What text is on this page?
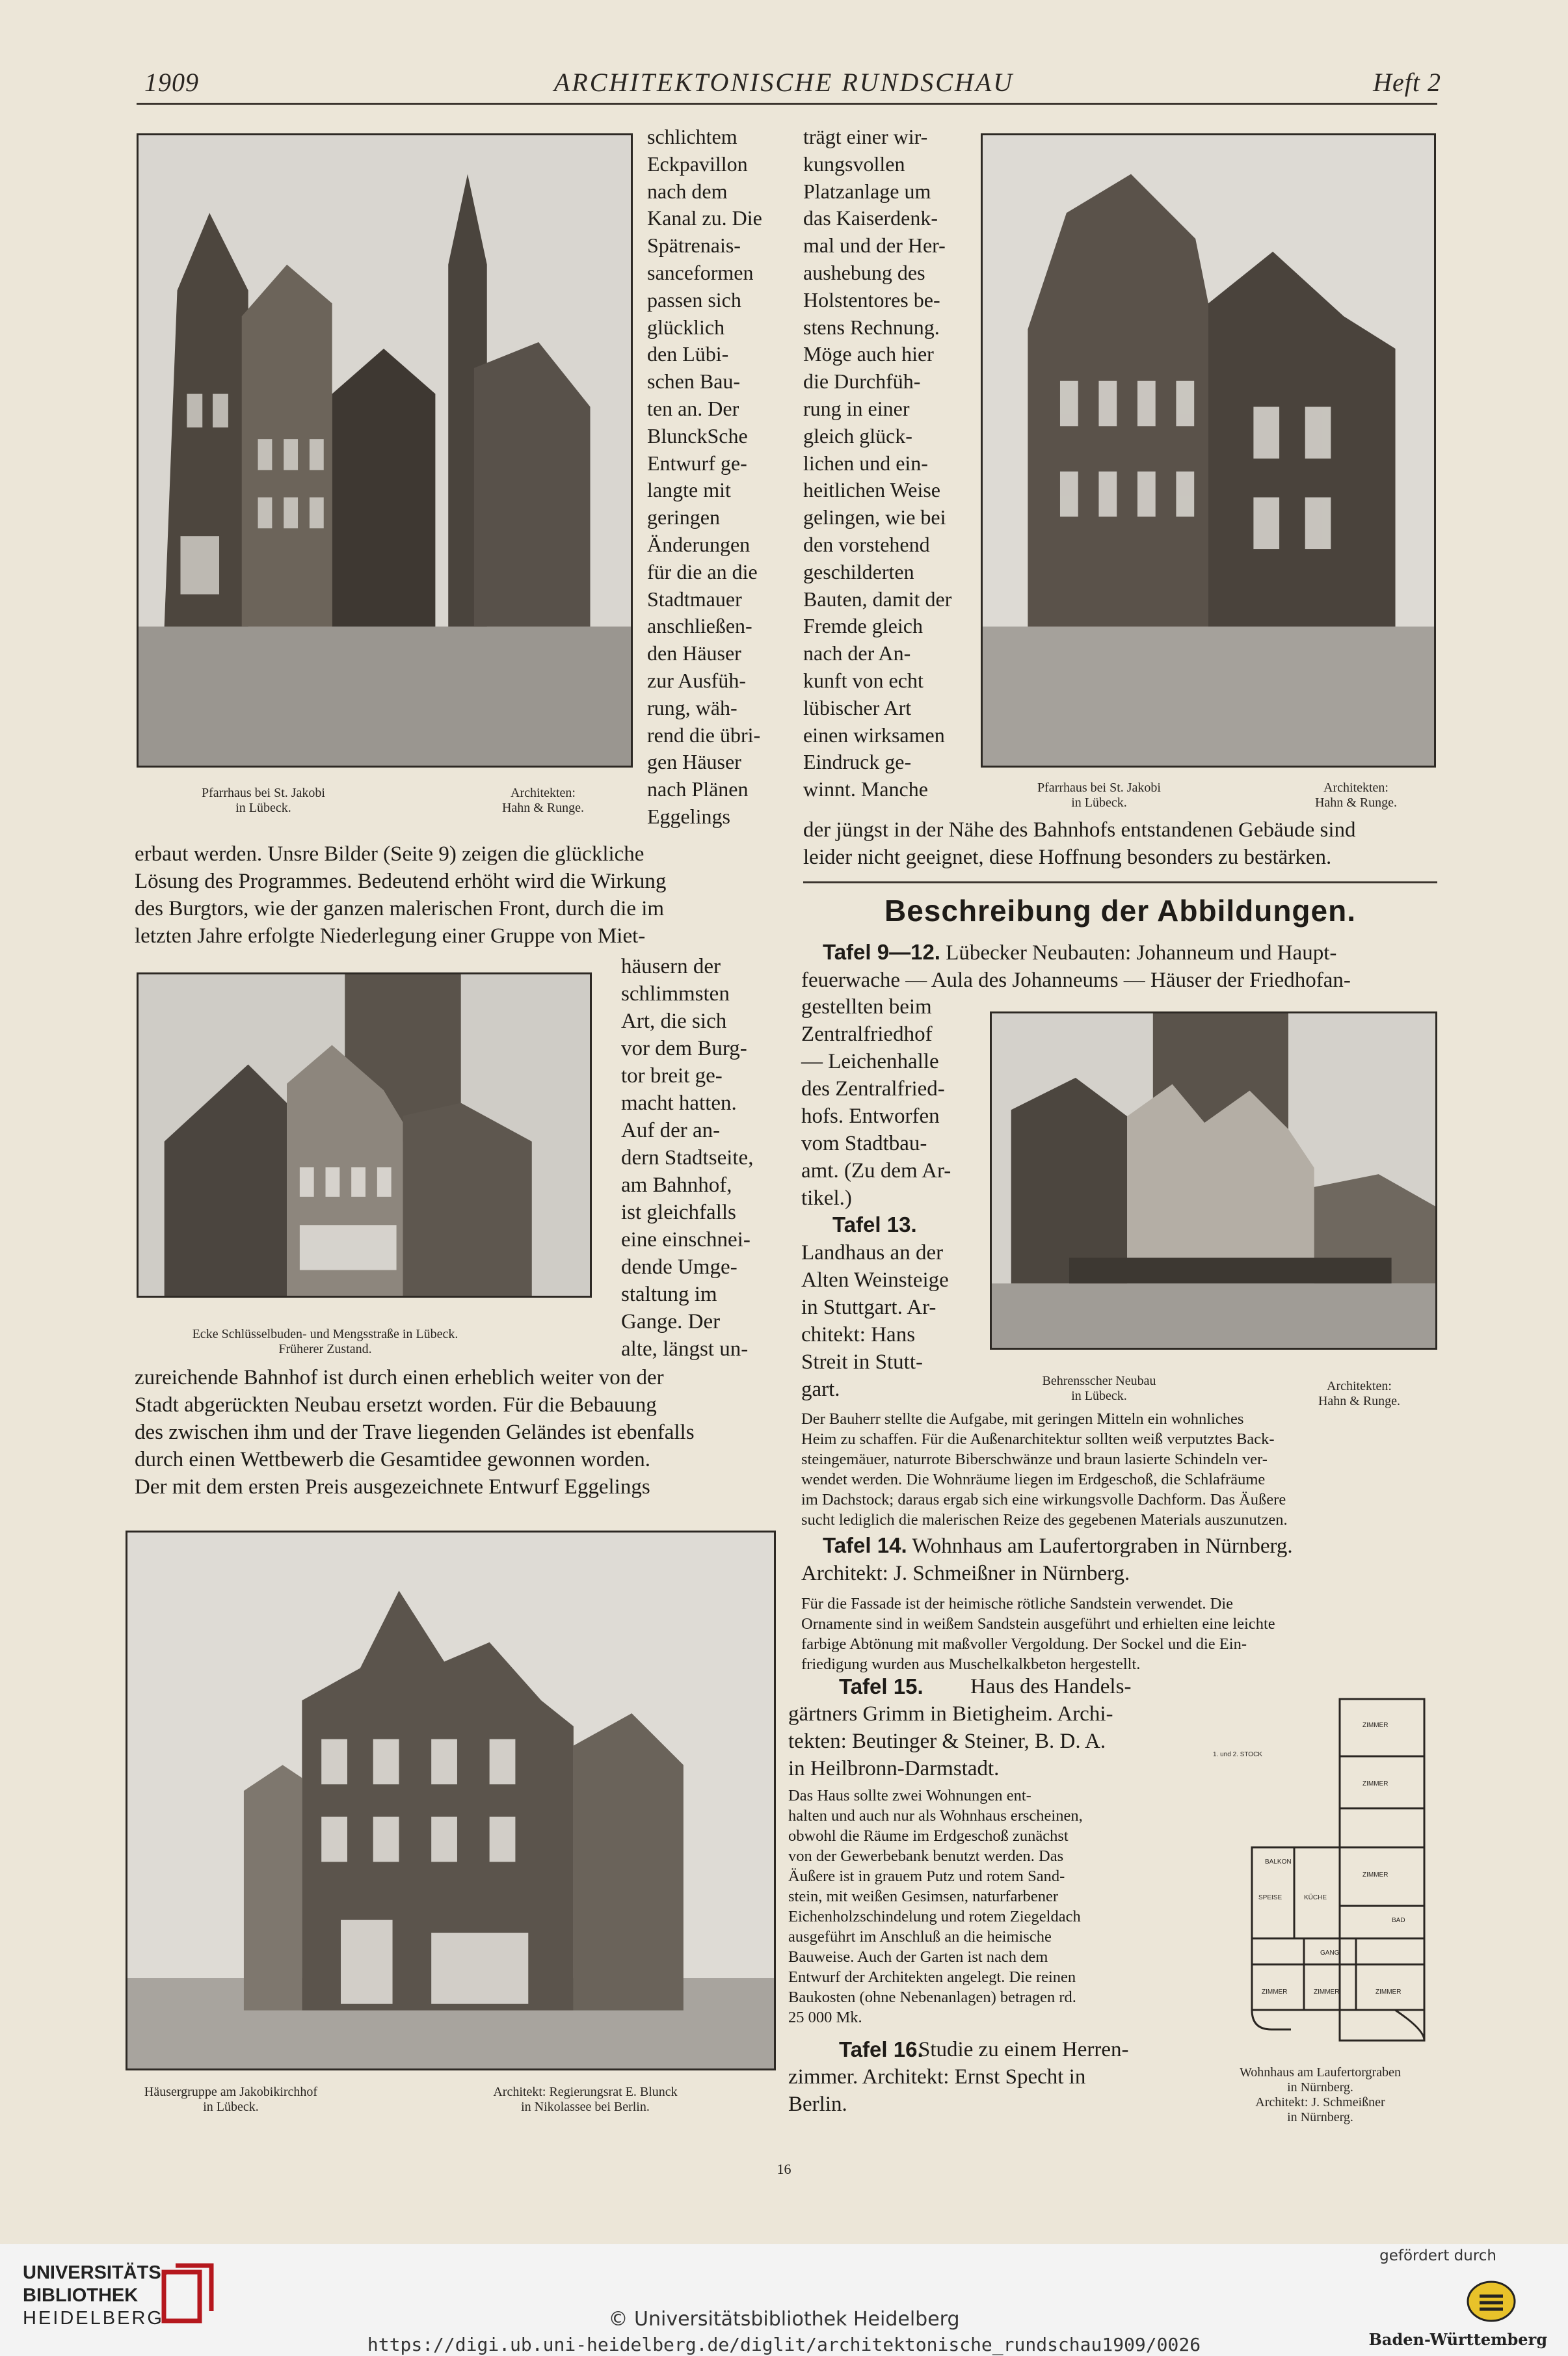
1909	ARCHITEKTONISCHE RUNDSCHAU	Heft 2
Pfarrhaus bei St. Jakobi
in Lübeck.
Architekten:
Hahn & Runge.
Pfarrhaus bei St. Jakobi
in Lübeck.
Architekten:
Hahn & Runge.
schlichtem
Eckpavillon
nach dem
Kanal zu. Die
Spätrenais-
sanceformen
passen sich
glücklich
den Lübi-
schen Bau-
ten an. Der
BlunckSche
Entwurf ge-
langte mit
geringen
Änderungen
für die an die
Stadtmauer
anschließen-
den Häuser
zur Ausfüh-
rung, wäh-
rend die übri-
gen Häuser
nach Plänen
Eggelings
trägt einer wir-
kungsvollen
Platzanlage um
das Kaiserdenk-
mal und der Her-
aushebung des
Holstentores be-
stens Rechnung.
Möge auch hier
die Durchfüh-
rung in einer
gleich glück-
lichen und ein-
heitlichen Weise
gelingen, wie bei
den vorstehend
geschilderten
Bauten, damit der
Fremde gleich
nach der An-
kunft von echt
lübischer Art
einen wirksamen
Eindruck ge-
winnt. Manche
der jüngst in der Nähe des Bahnhofs entstandenen Gebäude sind
leider nicht geeignet, diese Hoffnung besonders zu bestärken.
erbaut werden. Unsre Bilder (Seite 9) zeigen die glückliche
Lösung des Programmes. Bedeutend erhöht wird die Wirkung
des Burgtors, wie der ganzen malerischen Front, durch die im
letzten Jahre erfolgte Niederlegung einer Gruppe von Miet-
häusern der
schlimmsten
Art, die sich
vor dem Burg-
tor breit ge-
macht hatten.
Auf der an-
dern Stadtseite,
am Bahnhof,
ist gleichfalls
eine einschnei-
dende Umge-
staltung im
Gange. Der
alte, längst un-
Ecke Schlüsselbuden- und Mengsstraße in Lübeck.
Früherer Zustand.
zureichende Bahnhof ist durch einen erheblich weiter von der
Stadt abgerückten Neubau ersetzt worden. Für die Bebauung
des zwischen ihm und der Trave liegenden Geländes ist ebenfalls
durch einen Wettbewerb die Gesamtidee gewonnen worden.
Der mit dem ersten Preis ausgezeichnete Entwurf Eggelings
Häusergruppe am Jakobikirchhof
in Lübeck.
Architekt: Regierungsrat E. Blunck
in Nikolassee bei Berlin.
Beschreibung der Abbildungen.

 Tafel 9—12. Lübecker Neubauten: Johanneum und Haupt-

feuerwache — Aula des Johanneums — Häuser der Friedhofan-

gestellten beim
Zentralfriedhof
— Leichenhalle
des Zentralfried-
hofs. Entworfen
vom Stadtbau-
amt. (Zu dem Ar-
tikel.)
Tafel 13.
Landhaus an der
Alten Weinsteige
in Stuttgart. Ar-
chitekt: Hans
Streit in Stutt-
gart.	Behrensscher Neubau
in Lübeck.
Architekten:
Hahn & Runge.
Der Bauherr stellte die Aufgabe, mit geringen Mitteln ein wohnliches
Heim zu schaffen. Für die Außenarchitektur sollten weiß verputztes Back-
steingemäuer, naturrote Biberschwänze und braun lasierte Schindeln ver-
wendet werden. Die Wohnräume liegen im Erdgeschoß, die Schlafräume
im Dachstock; daraus ergab sich eine wirkungsvolle Dachform. Das Äußere
sucht lediglich die malerischen Reize des gegebenen Materials auszunutzen.

 Tafel 14. Wohnhaus am Laufertorgraben in Nürnberg.

Architekt: J. Schmeißner in Nürnberg.

Für die Fassade ist der heimische rötliche Sandstein verwendet. Die
Ornamente sind in weißem Sandstein ausgeführt und erhielten eine leichte
farbige Abtönung mit maßvoller Vergoldung. Der Sockel und die Ein-
friedigung wurden aus Muschelkalkbeton hergestellt.
Tafel 15.	Haus des Handels-
gärtners Grimm in Bietigheim. Archi-
tekten: Beutinger & Steiner, B. D. A.
in Heilbronn-Darmstadt.
Das Haus sollte zwei Wohnungen ent-
halten und auch nur als Wohnhaus erscheinen,
obwohl die Räume im Erdgeschoß zunächst
von der Gewerbebank benutzt werden. Das
Äußere ist in grauem Putz und rotem Sand-
stein, mit weißen Gesimsen, naturfarbener
Eichenholzschindelung und rotem Ziegeldach
ausgeführt im Anschluß an die heimische
Bauweise. Auch der Garten ist nach dem
Entwurf der Architekten angelegt. Die reinen
Baukosten (ohne Nebenanlagen) betragen rd.
25 000 Mk.
Tafel 16.
Studie zu einem Herren-
zimmer. Architekt: Ernst Specht in
Berlin.
1. und 2. STOCK
ZIMMER
ZIMMER
ZIMMER
BALKON
SPEISE	KÜCHE
GANG
BAD
ZIMMER	ZIMMER	ZIMMER
Wohnhaus am Laufertorgraben
in Nürnberg.
Architekt: J. Schmeißner
in Nürnberg.
16
UNIVERSITÄTS-
BIBLIOTHEK
HEIDELBERG	© Universitätsbibliothek Heidelberg
https://digi.ub.uni-heidelberg.de/diglit/architektonische_rundschau1909/0026
gefördert durch
Baden-Württemberg
